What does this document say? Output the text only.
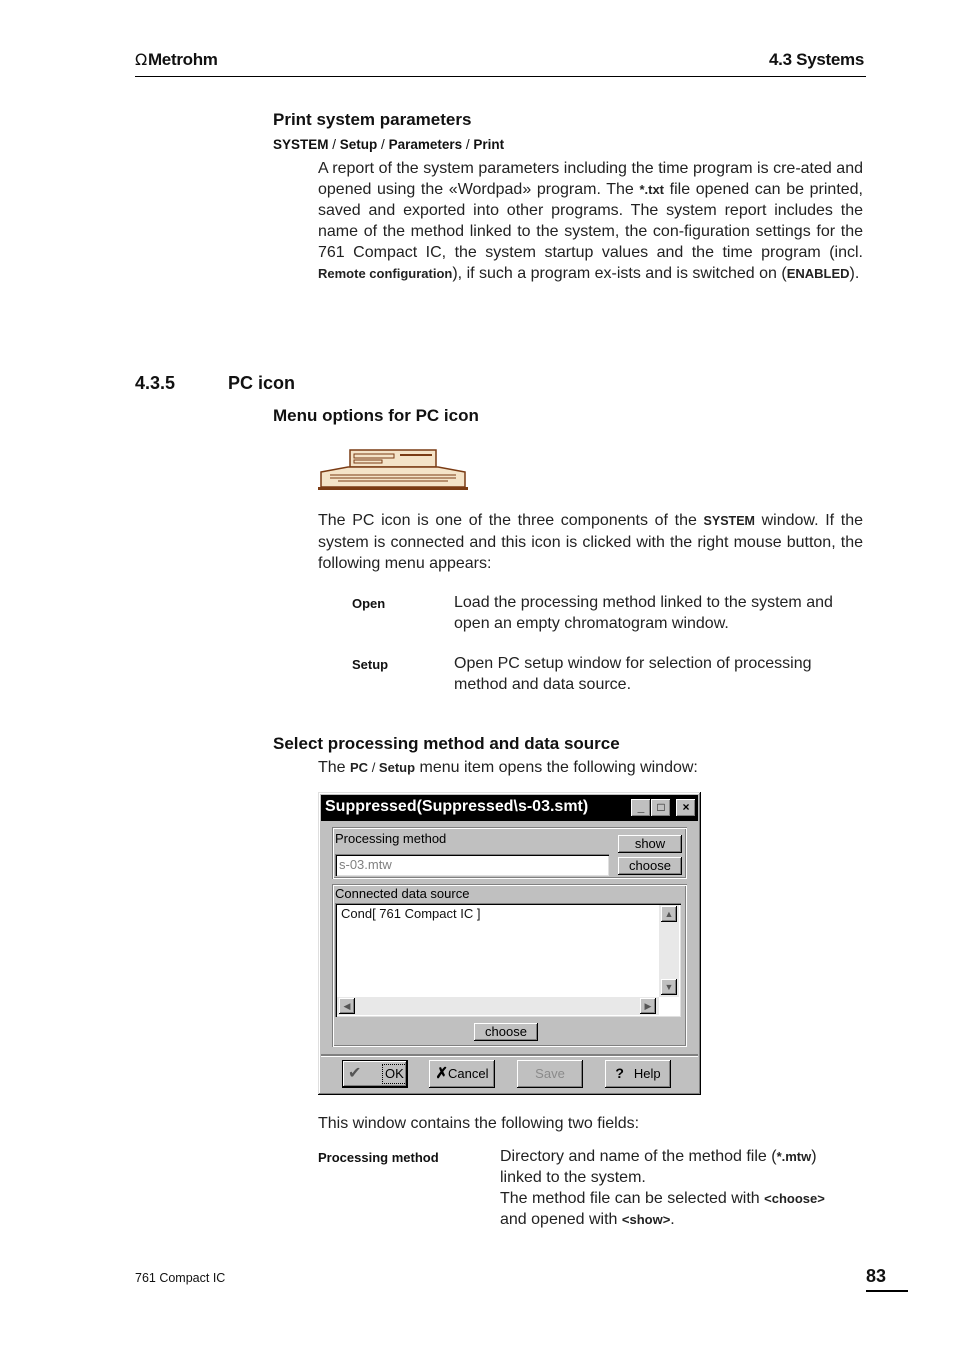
ΩMetrohm	4.3 Systems
Print system parameters
SYSTEM / Setup / Parameters / Print
A report of the system parameters including the time program is cre-ated and opened using the «Wordpad» program. The *.txt file opened can be printed, saved and exported into other programs. The system report includes the name of the method linked to the system, the con-figuration settings for the 761 Compact IC, the system startup values and the time program (incl. Remote configuration), if such a program ex-ists and is switched on (ENABLED).
4.3.5	PC icon
Menu options for PC icon
The PC icon is one of the three components of the SYSTEM window. If the system is connected and this icon is clicked with the right mouse button, the following menu appears:
Open	Load the processing method linked to the system and open an empty chromatogram window.
Setup	Open PC setup window for selection of processing method and data source.
Select processing method and data source
The PC / Setup menu item opens the following window:
Suppressed(Suppressed\s-03.smt)	_	□	×
Processing method
s-03.mtw
show
choose
Connected data source
Cond[ 761 Compact IC ]	▲
▼
◀	▶
choose
✔ OK	✗Cancel	Save	? Help
This window contains the following two fields:
Processing method	Directory and name of the method file (*.mtw)
linked to the system.
The method file can be selected with <choose>
and opened with <show>.
761 Compact IC	83
